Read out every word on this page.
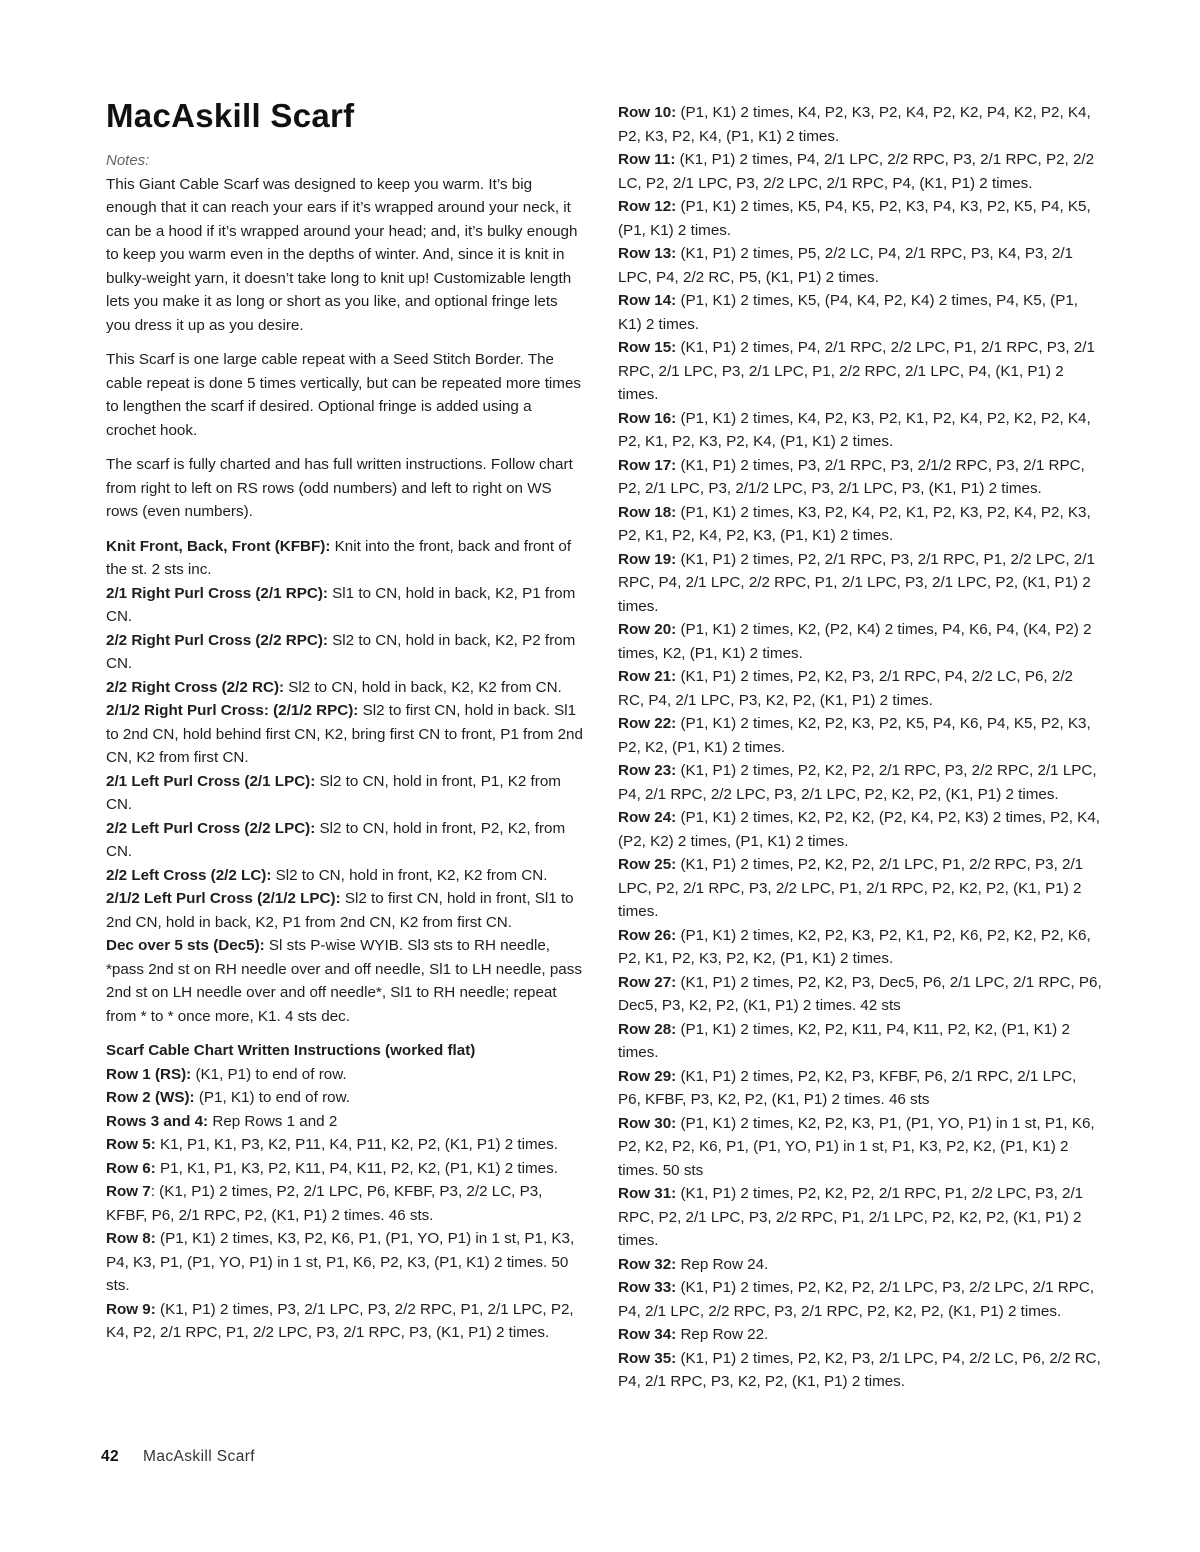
MacAskill Scarf

Notes:

This Giant Cable Scarf was designed to keep you warm. It’s big enough that it can reach your ears if it’s wrapped around your neck, it can be a hood if it’s wrapped around your head; and, it’s bulky enough to keep you warm even in the depths of winter. And, since it is knit in bulky-weight yarn, it doesn’t take long to knit up! Customizable length lets you make it as long or short as you like, and optional fringe lets you dress it up as you desire.

This Scarf is one large cable repeat with a Seed Stitch Border. The cable repeat is done 5 times vertically, but can be repeated more times to lengthen the scarf if desired. Optional fringe is added using a crochet hook.

The scarf is fully charted and has full written instructions. Follow chart from right to left on RS rows (odd numbers) and left to right on WS rows (even numbers).

Knit Front, Back, Front (KFBF): Knit into the front, back and front of the st. 2 sts inc.

2/1 Right Purl Cross (2/1 RPC): Sl1 to CN, hold in back, K2, P1 from CN.

2/2 Right Purl Cross (2/2 RPC): Sl2 to CN, hold in back, K2, P2 from CN.

2/2 Right Cross (2/2 RC): Sl2 to CN, hold in back, K2, K2 from CN.

2/1/2 Right Purl Cross: (2/1/2 RPC): Sl2 to first CN, hold in back. Sl1 to 2nd CN, hold behind first CN, K2, bring first CN to front, P1 from 2nd CN, K2 from first CN.

2/1 Left Purl Cross (2/1 LPC): Sl2 to CN, hold in front, P1, K2 from CN.

2/2 Left Purl Cross (2/2 LPC): Sl2 to CN, hold in front, P2, K2, from CN.

2/2 Left Cross (2/2 LC): Sl2 to CN, hold in front, K2, K2 from CN.

2/1/2 Left Purl Cross (2/1/2 LPC): Sl2 to first CN, hold in front, Sl1 to 2nd CN, hold in back, K2, P1 from 2nd CN, K2 from first CN.

Dec over 5 sts (Dec5): Sl sts P-wise WYIB. Sl3 sts to RH needle, *pass 2nd st on RH needle over and off needle, Sl1 to LH needle, pass 2nd st on LH needle over and off needle*, Sl1 to RH needle; repeat from * to * once more, K1. 4 sts dec.

Scarf Cable Chart Written Instructions (worked flat)

Row 1 (RS): (K1, P1) to end of row.

Row 2 (WS): (P1, K1) to end of row.

Rows 3 and 4: Rep Rows 1 and 2

Row 5: K1, P1, K1, P3, K2, P11, K4, P11, K2, P2, (K1, P1) 2 times.

Row 6: P1, K1, P1, K3, P2, K11, P4, K11, P2, K2, (P1, K1) 2 times.

Row 7: (K1, P1) 2 times, P2, 2/1 LPC, P6, KFBF, P3, 2/2 LC, P3, KFBF, P6, 2/1 RPC, P2, (K1, P1) 2 times. 46 sts.

Row 8: (P1, K1) 2 times, K3, P2, K6, P1, (P1, YO, P1) in 1 st, P1, K3, P4, K3, P1, (P1, YO, P1) in 1 st, P1, K6, P2, K3, (P1, K1) 2 times. 50 sts.

Row 9: (K1, P1) 2 times, P3, 2/1 LPC, P3, 2/2 RPC, P1, 2/1 LPC, P2, K4, P2, 2/1 RPC, P1, 2/2 LPC, P3, 2/1 RPC, P3, (K1, P1) 2 times.

Row 10: (P1, K1) 2 times, K4, P2, K3, P2, K4, P2, K2, P4, K2, P2, K4, P2, K3, P2, K4, (P1, K1) 2 times.

Row 11: (K1, P1) 2 times, P4, 2/1 LPC, 2/2 RPC, P3, 2/1 RPC, P2, 2/2 LC, P2, 2/1 LPC, P3, 2/2 LPC, 2/1 RPC, P4, (K1, P1) 2 times.

Row 12: (P1, K1) 2 times, K5, P4, K5, P2, K3, P4, K3, P2, K5, P4, K5, (P1, K1) 2 times.

Row 13: (K1, P1) 2 times, P5, 2/2 LC, P4, 2/1 RPC, P3, K4, P3, 2/1 LPC, P4, 2/2 RC, P5, (K1, P1) 2 times.

Row 14: (P1, K1) 2 times, K5, (P4, K4, P2, K4) 2 times, P4, K5, (P1, K1) 2 times.

Row 15: (K1, P1) 2 times, P4, 2/1 RPC, 2/2 LPC, P1, 2/1 RPC, P3, 2/1 RPC, 2/1 LPC, P3, 2/1 LPC, P1, 2/2 RPC, 2/1 LPC, P4, (K1, P1) 2 times.

Row 16: (P1, K1) 2 times, K4, P2, K3, P2, K1, P2, K4, P2, K2, P2, K4, P2, K1, P2, K3, P2, K4, (P1, K1) 2 times.

Row 17: (K1, P1) 2 times, P3, 2/1 RPC, P3, 2/1/2 RPC, P3, 2/1 RPC, P2, 2/1 LPC, P3, 2/1/2 LPC, P3, 2/1 LPC, P3, (K1, P1) 2 times.

Row 18: (P1, K1) 2 times, K3, P2, K4, P2, K1, P2, K3, P2, K4, P2, K3, P2, K1, P2, K4, P2, K3, (P1, K1) 2 times.

Row 19: (K1, P1) 2 times, P2, 2/1 RPC, P3, 2/1 RPC, P1, 2/2 LPC, 2/1 RPC, P4, 2/1 LPC, 2/2 RPC, P1, 2/1 LPC, P3, 2/1 LPC, P2, (K1, P1) 2 times.

Row 20: (P1, K1) 2 times, K2, (P2, K4) 2 times, P4, K6, P4, (K4, P2) 2 times, K2, (P1, K1) 2 times.

Row 21: (K1, P1) 2 times, P2, K2, P3, 2/1 RPC, P4, 2/2 LC, P6, 2/2 RC, P4, 2/1 LPC, P3, K2, P2, (K1, P1) 2 times.

Row 22: (P1, K1) 2 times, K2, P2, K3, P2, K5, P4, K6, P4, K5, P2, K3, P2, K2, (P1, K1) 2 times.

Row 23: (K1, P1) 2 times, P2, K2, P2, 2/1 RPC, P3, 2/2 RPC, 2/1 LPC, P4, 2/1 RPC, 2/2 LPC, P3, 2/1 LPC, P2, K2, P2, (K1, P1) 2 times.

Row 24: (P1, K1) 2 times, K2, P2, K2, (P2, K4, P2, K3) 2 times, P2, K4, (P2, K2) 2 times, (P1, K1) 2 times.

Row 25: (K1, P1) 2 times, P2, K2, P2, 2/1 LPC, P1, 2/2 RPC, P3, 2/1 LPC, P2, 2/1 RPC, P3, 2/2 LPC, P1, 2/1 RPC, P2, K2, P2, (K1, P1) 2 times.

Row 26: (P1, K1) 2 times, K2, P2, K3, P2, K1, P2, K6, P2, K2, P2, K6, P2, K1, P2, K3, P2, K2, (P1, K1) 2 times.

Row 27: (K1, P1) 2 times, P2, K2, P3, Dec5, P6, 2/1 LPC, 2/1 RPC, P6, Dec5, P3, K2, P2, (K1, P1) 2 times. 42 sts

Row 28: (P1, K1) 2 times, K2, P2, K11, P4, K11, P2, K2, (P1, K1) 2 times.

Row 29: (K1, P1) 2 times, P2, K2, P3, KFBF, P6, 2/1 RPC, 2/1 LPC, P6, KFBF, P3, K2, P2, (K1, P1) 2 times. 46 sts

Row 30: (P1, K1) 2 times, K2, P2, K3, P1, (P1, YO, P1) in 1 st, P1, K6, P2, K2, P2, K6, P1, (P1, YO, P1) in 1 st, P1, K3, P2, K2, (P1, K1) 2 times. 50 sts

Row 31: (K1, P1) 2 times, P2, K2, P2, 2/1 RPC, P1, 2/2 LPC, P3, 2/1 RPC, P2, 2/1 LPC, P3, 2/2 RPC, P1, 2/1 LPC, P2, K2, P2, (K1, P1) 2 times.

Row 32: Rep Row 24.

Row 33: (K1, P1) 2 times, P2, K2, P2, 2/1 LPC, P3, 2/2 LPC, 2/1 RPC, P4, 2/1 LPC, 2/2 RPC, P3, 2/1 RPC, P2, K2, P2, (K1, P1) 2 times.

Row 34: Rep Row 22.

Row 35: (K1, P1) 2 times, P2, K2, P3, 2/1 LPC, P4, 2/2 LC, P6, 2/2 RC, P4, 2/1 RPC, P3, K2, P2, (K1, P1) 2 times.

42 MacAskill Scarf
